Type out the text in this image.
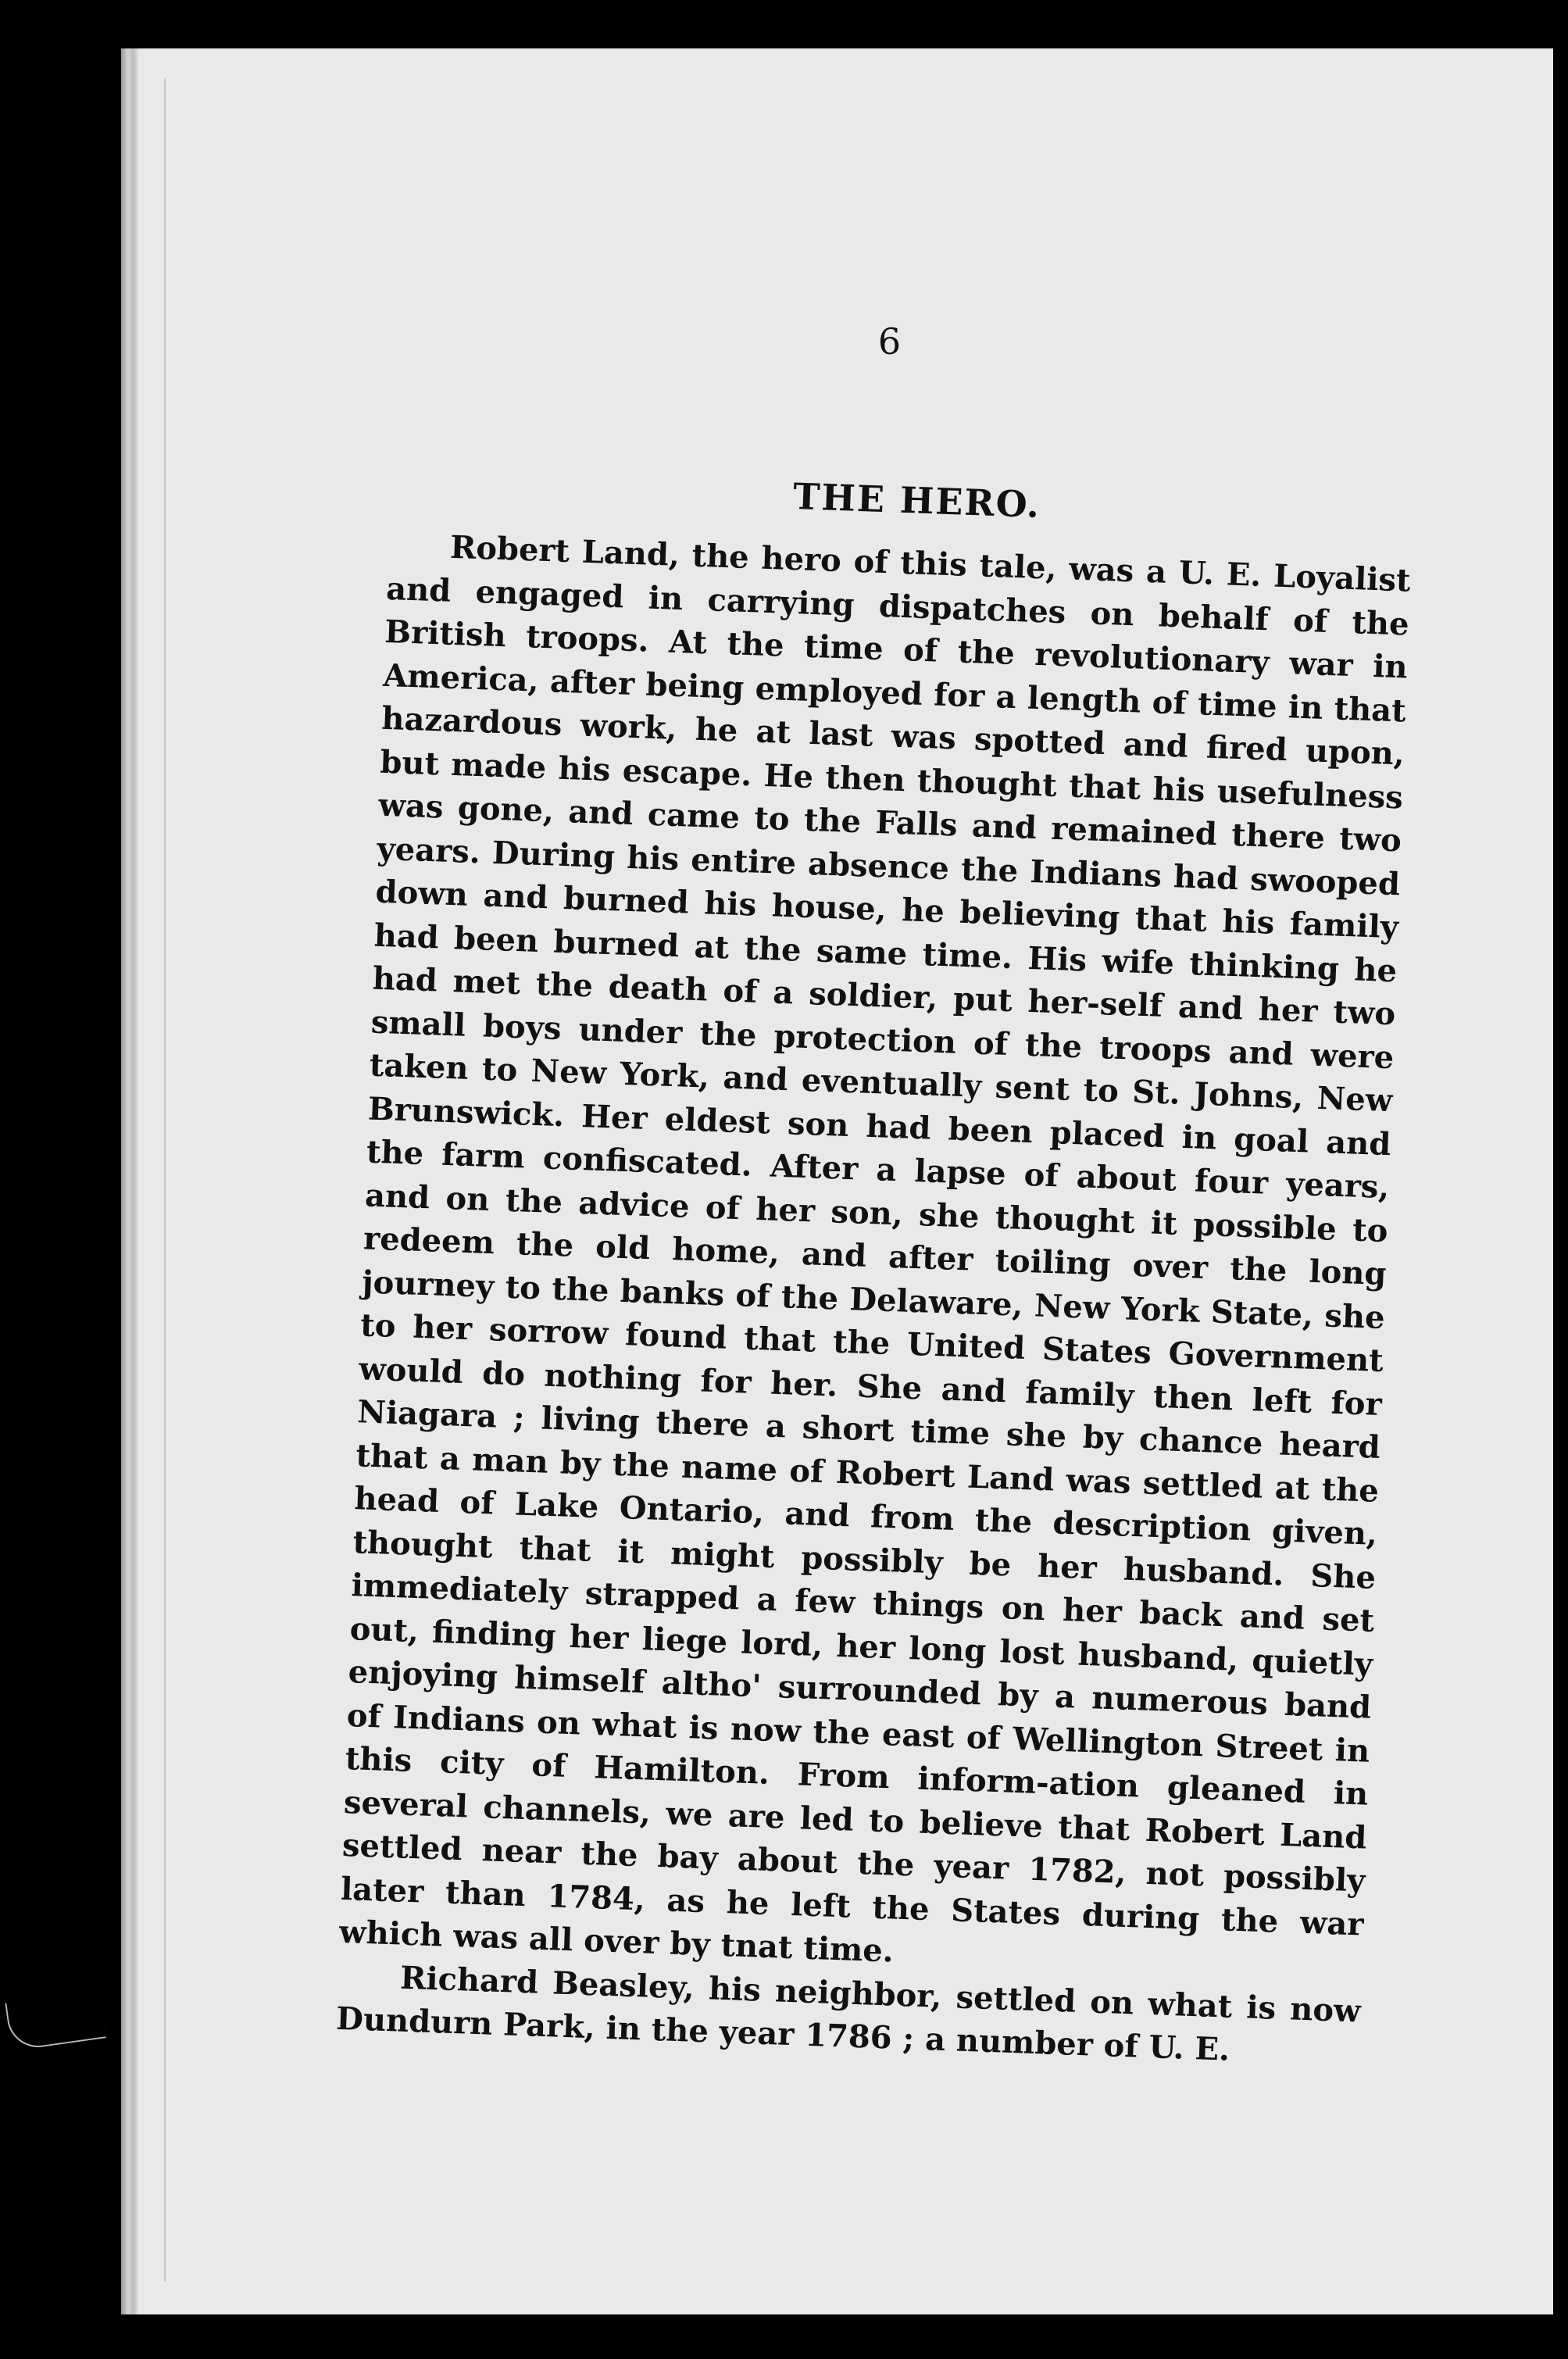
6
THE HERO.

Robert Land, the hero of this tale, was a U. E. Loyalist and engaged in carrying dispatches on behalf of the British troops. At the time of the revolutionary war in America, after being employed for a length of time in that hazardous work, he at last was spotted and fired upon, but made his escape. He then thought that his usefulness was gone, and came to the Falls and remained there two years. During his entire absence the Indians had swooped down and burned his house, he believing that his family had been burned at the same time. His wife thinking he had met the death of a soldier, put her-self and her two small boys under the protection of the troops and were taken to New York, and eventually sent to St. Johns, New Brunswick. Her eldest son had been placed in goal and the farm confiscated. After a lapse of about four years, and on the advice of her son, she thought it possible to redeem the old home, and after toiling over the long journey to the banks of the Delaware, New York State, she to her sorrow found that the United States Government would do nothing for her. She and family then left for Niagara ; living there a short time she by chance heard that a man by the name of Robert Land was settled at the head of Lake Ontario, and from the description given, thought that it might possibly be her husband. She immediately strapped a few things on her back and set out, finding her liege lord, her long lost husband, quietly enjoying himself altho' surrounded by a numerous band of Indians on what is now the east of Wellington Street in this city of Hamilton. From inform-ation gleaned in several channels, we are led to believe that Robert Land settled near the bay about the year 1782, not possibly later than 1784, as he left the States during the war which was all over by tnat time.

Richard Beasley, his neighbor, settled on what is now Dundurn Park, in the year 1786 ; a number of U. E.
